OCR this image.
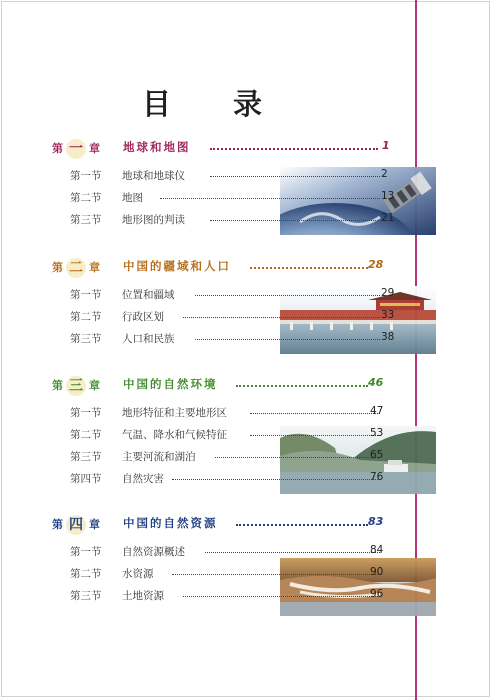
目 录
第 一 章 地球和地图	1
第一节 地球和地球仪	2
第二节 地图	13
第三节 地形图的判读	21
第 二 章 中国的疆域和人口	28
第一节 位置和疆域	29
第二节 行政区划	33
第三节 人口和民族	38
第 三 章 中国的自然环境	46
第一节 地形特征和主要地形区	47
第二节 气温、降水和气候特征	53
第三节 主要河流和湖泊	65
第四节 自然灾害	76
第 四 章 中国的自然资源	83
第一节 自然资源概述	84
第二节 水资源	90
第三节 土地资源	96
